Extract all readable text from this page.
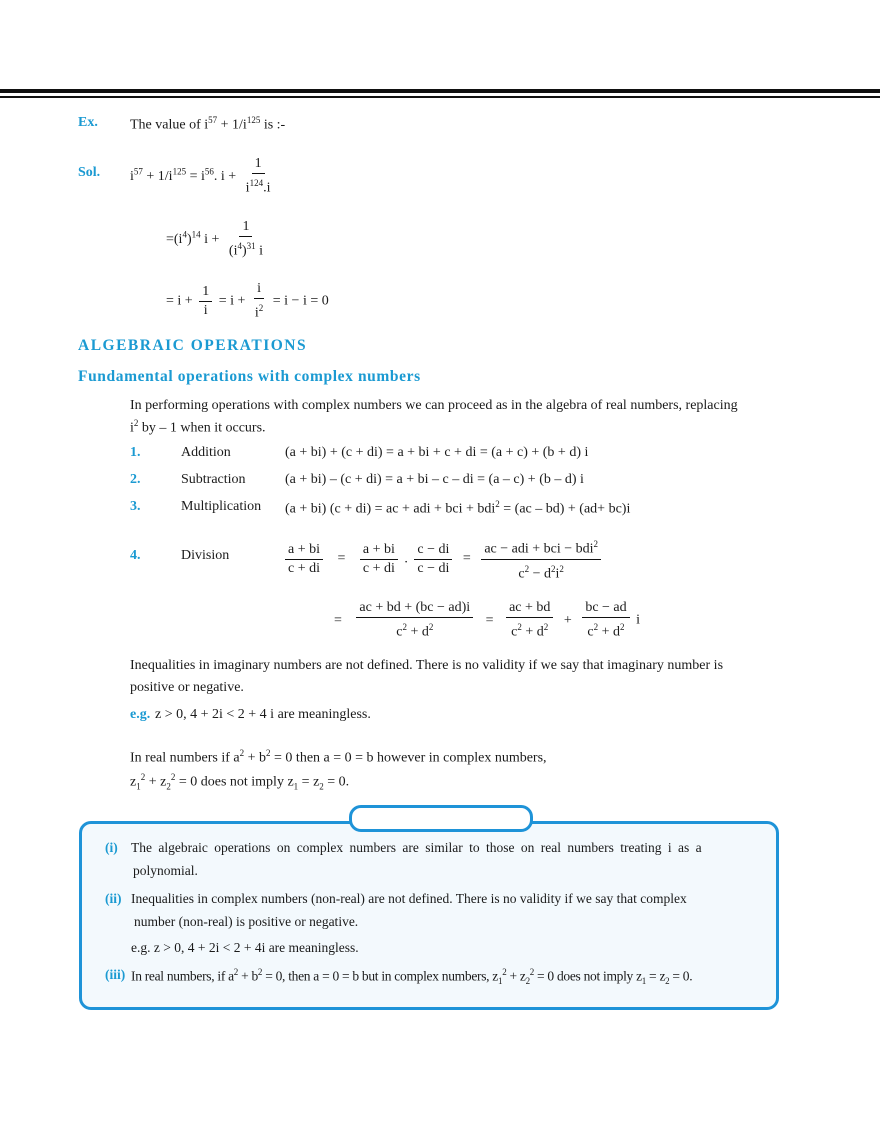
Ex. The value of $i^{57} + 1/i^{125}$ is :-
Sol. $i^{57} + 1/i^{125} = i^{56}$. $i + \frac{1}{i^{124}.i}$
$=(i^4)^{14}$ $i + \frac{1}{(i^4)^{31} i}$
= $i + \frac{1}{i} = i + \frac{i}{i^2} = i - i = 0$
ALGEBRAIC OPERATIONS
Fundamental operations with complex numbers
In performing operations with complex numbers we can proceed as in the algebra of real numbers, replacing
$i^2$ by – 1 when it occurs.
1.	Addition	(a + bi) + (c + di) = a + bi + c + di = (a + c) + (b + d) i
2.	Subtraction	(a + bi) – (c + di) = a + bi – c – di = (a – c) + (b – d) i
3.	Multiplication (a + bi) (c + di) = ac + adi + bci + bdi$^2$ = (ac – bd) + (ad+ bc)i
4.	Division	$\frac{a + bi}{c + di} = \frac{a + bi}{c + di}$ . $\frac{c - di}{c - di} = \frac{ac - adi + bci - bdi^2}{c^2 - d^2i^2}$
= $\frac{ac + bd + (bc - ad)i}{c^2 + d^2} = \frac{ac + bd}{c^2 + d^2} + \frac{bc - ad}{c^2 + d^2}$ i
Inequalities in imaginary numbers are not defined. There is no validity if we say that imaginary number is
positive or negative.
e.g. z > 0, 4 + 2i < 2 + 4 i are meaningless.
In real numbers if $a^2 + b^2 = 0$ then a = 0 = b however in complex numbers,
$z_1^2 + z_2^2 = 0$ does not imply $z_1 = z_2 = 0$.
(i) The algebraic operations on complex numbers are similar to those on real numbers treating i as a
polynomial.
(ii) Inequalities in complex numbers (non-real) are not defined. There is no validity if we say that complex
number (non-real) is positive or negative.
e.g. z > 0, 4 + 2i < 2 + 4i are meaningless.
(iii) In real numbers, if $a^2 + b^2 = 0$, then a = 0 = b but in complex numbers, $z_1^2 + z_2^2 = 0$ does not imply $z_1 = z_2 = 0$.
